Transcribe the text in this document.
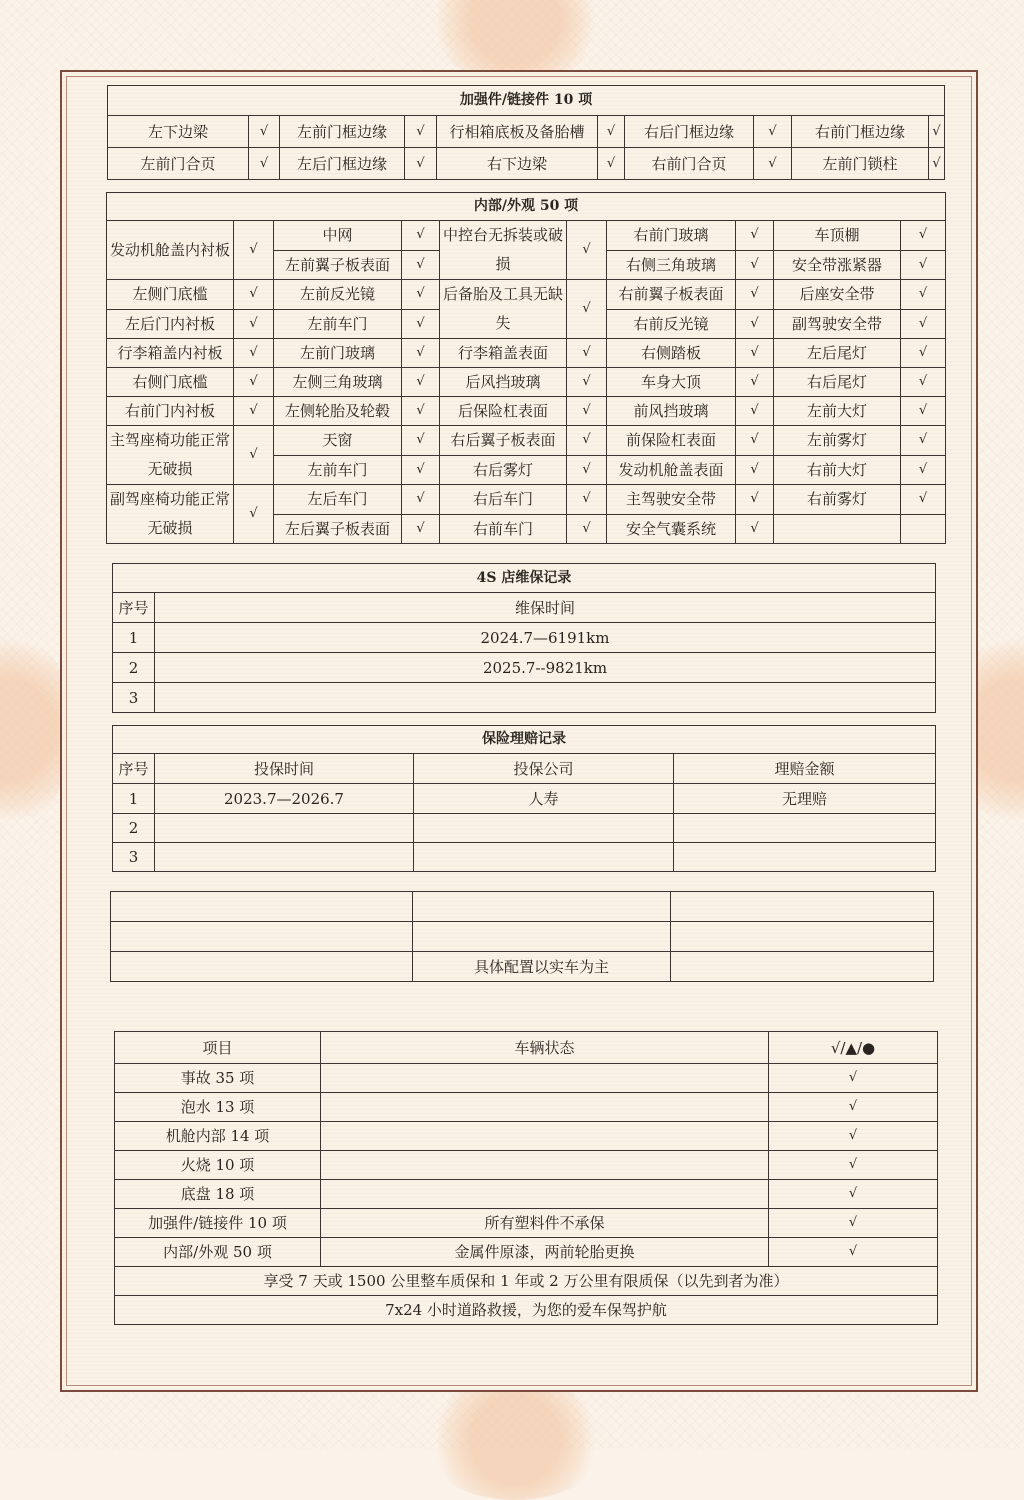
加强件/链接件 10 项									
左下边梁	√	左前门框边缘	√	行相箱底板及备胎槽	√	右后门框边缘	√	右前门框边缘	√
左前门合页	√	左后门框边缘	√	右下边梁	√	右前门合页	√	左前门锁柱	√
内部/外观 50 项									
发动机舱盖内衬板	√	中网	√	中控台无拆装或破损	√	右前门玻璃	√	车顶棚	√
		左前翼子板表面	√			右侧三角玻璃	√	安全带涨紧器	√
左侧门底槛	√	左前反光镜	√	后备胎及工具无缺失	√	右前翼子板表面	√	后座安全带	√
左后门内衬板	√	左前车门	√			右前反光镜	√	副驾驶安全带	√
行李箱盖内衬板	√	左前门玻璃	√	行李箱盖表面	√	右侧踏板	√	左后尾灯	√
右侧门底槛	√	左侧三角玻璃	√	后风挡玻璃	√	车身大顶	√	右后尾灯	√
右前门内衬板	√	左侧轮胎及轮毂	√	后保险杠表面	√	前风挡玻璃	√	左前大灯	√
主驾座椅功能正常无破损	√	天窗	√	右后翼子板表面	√	前保险杠表面	√	左前雾灯	√
		左前车门	√	右后雾灯	√	发动机舱盖表面	√	右前大灯	√
副驾座椅功能正常无破损	√	左后车门	√	右后车门	√	主驾驶安全带	√	右前雾灯	√
		左后翼子板表面	√	右前车门	√	安全气囊系统	√		
4S 店维保记录	
序号	维保时间
1	2024.7—6191km
2	2025.7--9821km
3	
保险理赔记录			
序号	投保时间	投保公司	理赔金额
1	2023.7—2026.7	人寿	无理赔
2			
3			

	具体配置以实车为主	
项目	车辆状态	√/▲/●
事故 35 项		√
泡水 13 项		√
机舱内部 14 项		√
火烧 10 项		√
底盘 18 项		√
加强件/链接件 10 项	所有塑料件不承保	√
内部/外观 50 项	金属件原漆，两前轮胎更换	√
享受 7 天或 1500 公里整车质保和 1 年或 2 万公里有限质保（以先到者为准）		
7x24 小时道路救援，为您的爱车保驾护航		
